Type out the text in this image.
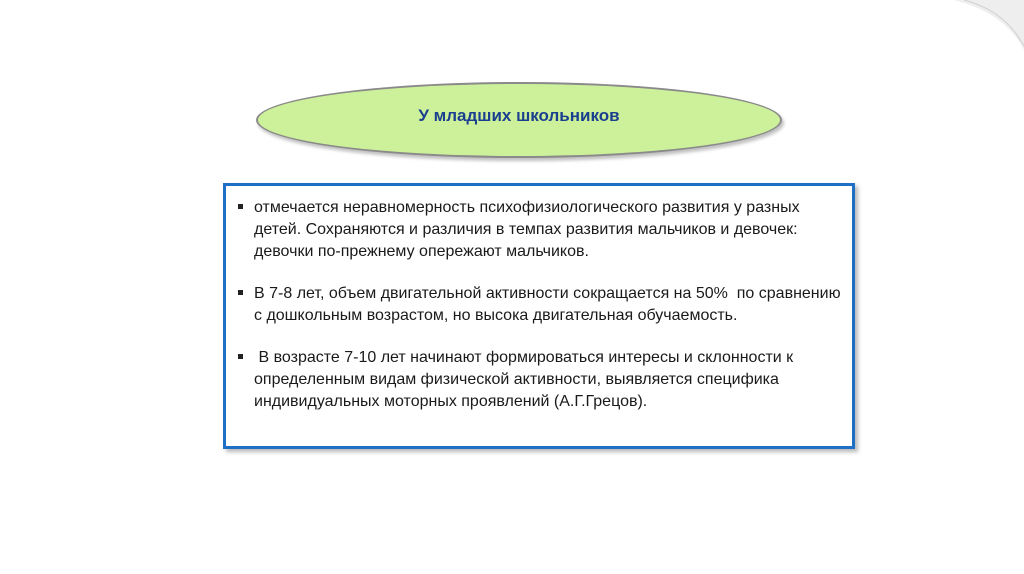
У младших школьников
отмечается неравномерность психофизиологического развития у разных детей. Сохраняются и различия в темпах развития мальчиков и девочек: девочки по-прежнему опережают мальчиков.
В 7-8 лет, объем двигательной активности сокращается на 50%  по сравнению с дошкольным возрастом, но высока двигательная обучаемость.
В возрасте 7-10 лет начинают формироваться интересы и склонности к определенным видам физической активности, выявляется специфика индивидуальных моторных проявлений (А.Г.Грецов).
